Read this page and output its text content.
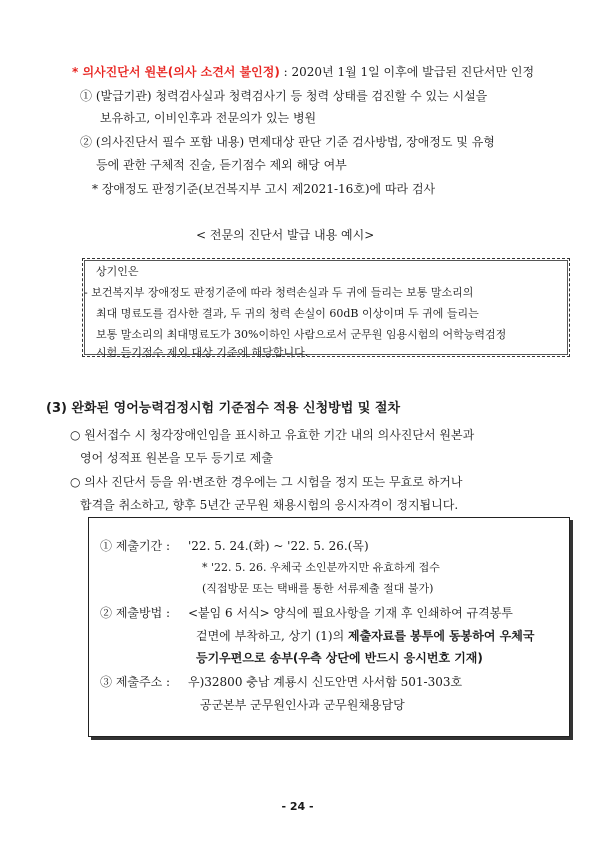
* 의사진단서 원본(의사 소견서 불인정) : 2020년 1월 1일 이후에 발급된 진단서만 인정
① (발급기관) 청력검사실과 청력검사기 등 청력 상태를 검진할 수 있는 시설을
보유하고, 이비인후과 전문의가 있는 병원
② (의사진단서 필수 포함 내용) 면제대상 판단 기준 검사방법, 장애정도 및 유형
등에 관한 구체적 진술, 듣기점수 제외 해당 여부
* 장애정도 판정기준(보건복지부 고시 제2021-16호)에 따라 검사
< 전문의 진단서 발급 내용 예시>
상기인은
- 보건복지부 장애정도 판정기준에 따라 청력손실과 두 귀에 들리는 보통 말소리의
최대 명료도를 검사한 결과, 두 귀의 청력 손실이 60dB 이상이며 두 귀에 들리는
보통 말소리의 최대명료도가 30%이하인 사람으로서 군무원 임용시험의 어학능력검정
시험 듣기점수 제외 대상 기준에 해당합니다.
(3) 완화된 영어능력검정시험 기준점수 적용 신청방법 및 절차
○ 원서접수 시 청각장애인임을 표시하고 유효한 기간 내의 의사진단서 원본과
영어 성적표 원본을 모두 등기로 제출
○ 의사 진단서 등을 위·변조한 경우에는 그 시험을 정지 또는 무효로 하거나
합격을 취소하고, 향후 5년간 군무원 채용시험의 응시자격이 정지됩니다.
① 제출기간 : '22. 5. 24.(화) ~ '22. 5. 26.(목)
* '22. 5. 26. 우체국 소인분까지만 유효하게 접수
(직접방문 또는 택배를 통한 서류제출 절대 불가)
② 제출방법 : <붙임 6 서식> 양식에 필요사항을 기재 후 인쇄하여 규격봉투
겉면에 부착하고, 상기 (1)의 제출자료를 봉투에 동봉하여 우체국
등기우편으로 송부(우측 상단에 반드시 응시번호 기재)
③ 제출주소 : 우)32800 충남 계룡시 신도안면 사서함 501-303호
공군본부 군무원인사과 군무원채용담당
- 24 -
